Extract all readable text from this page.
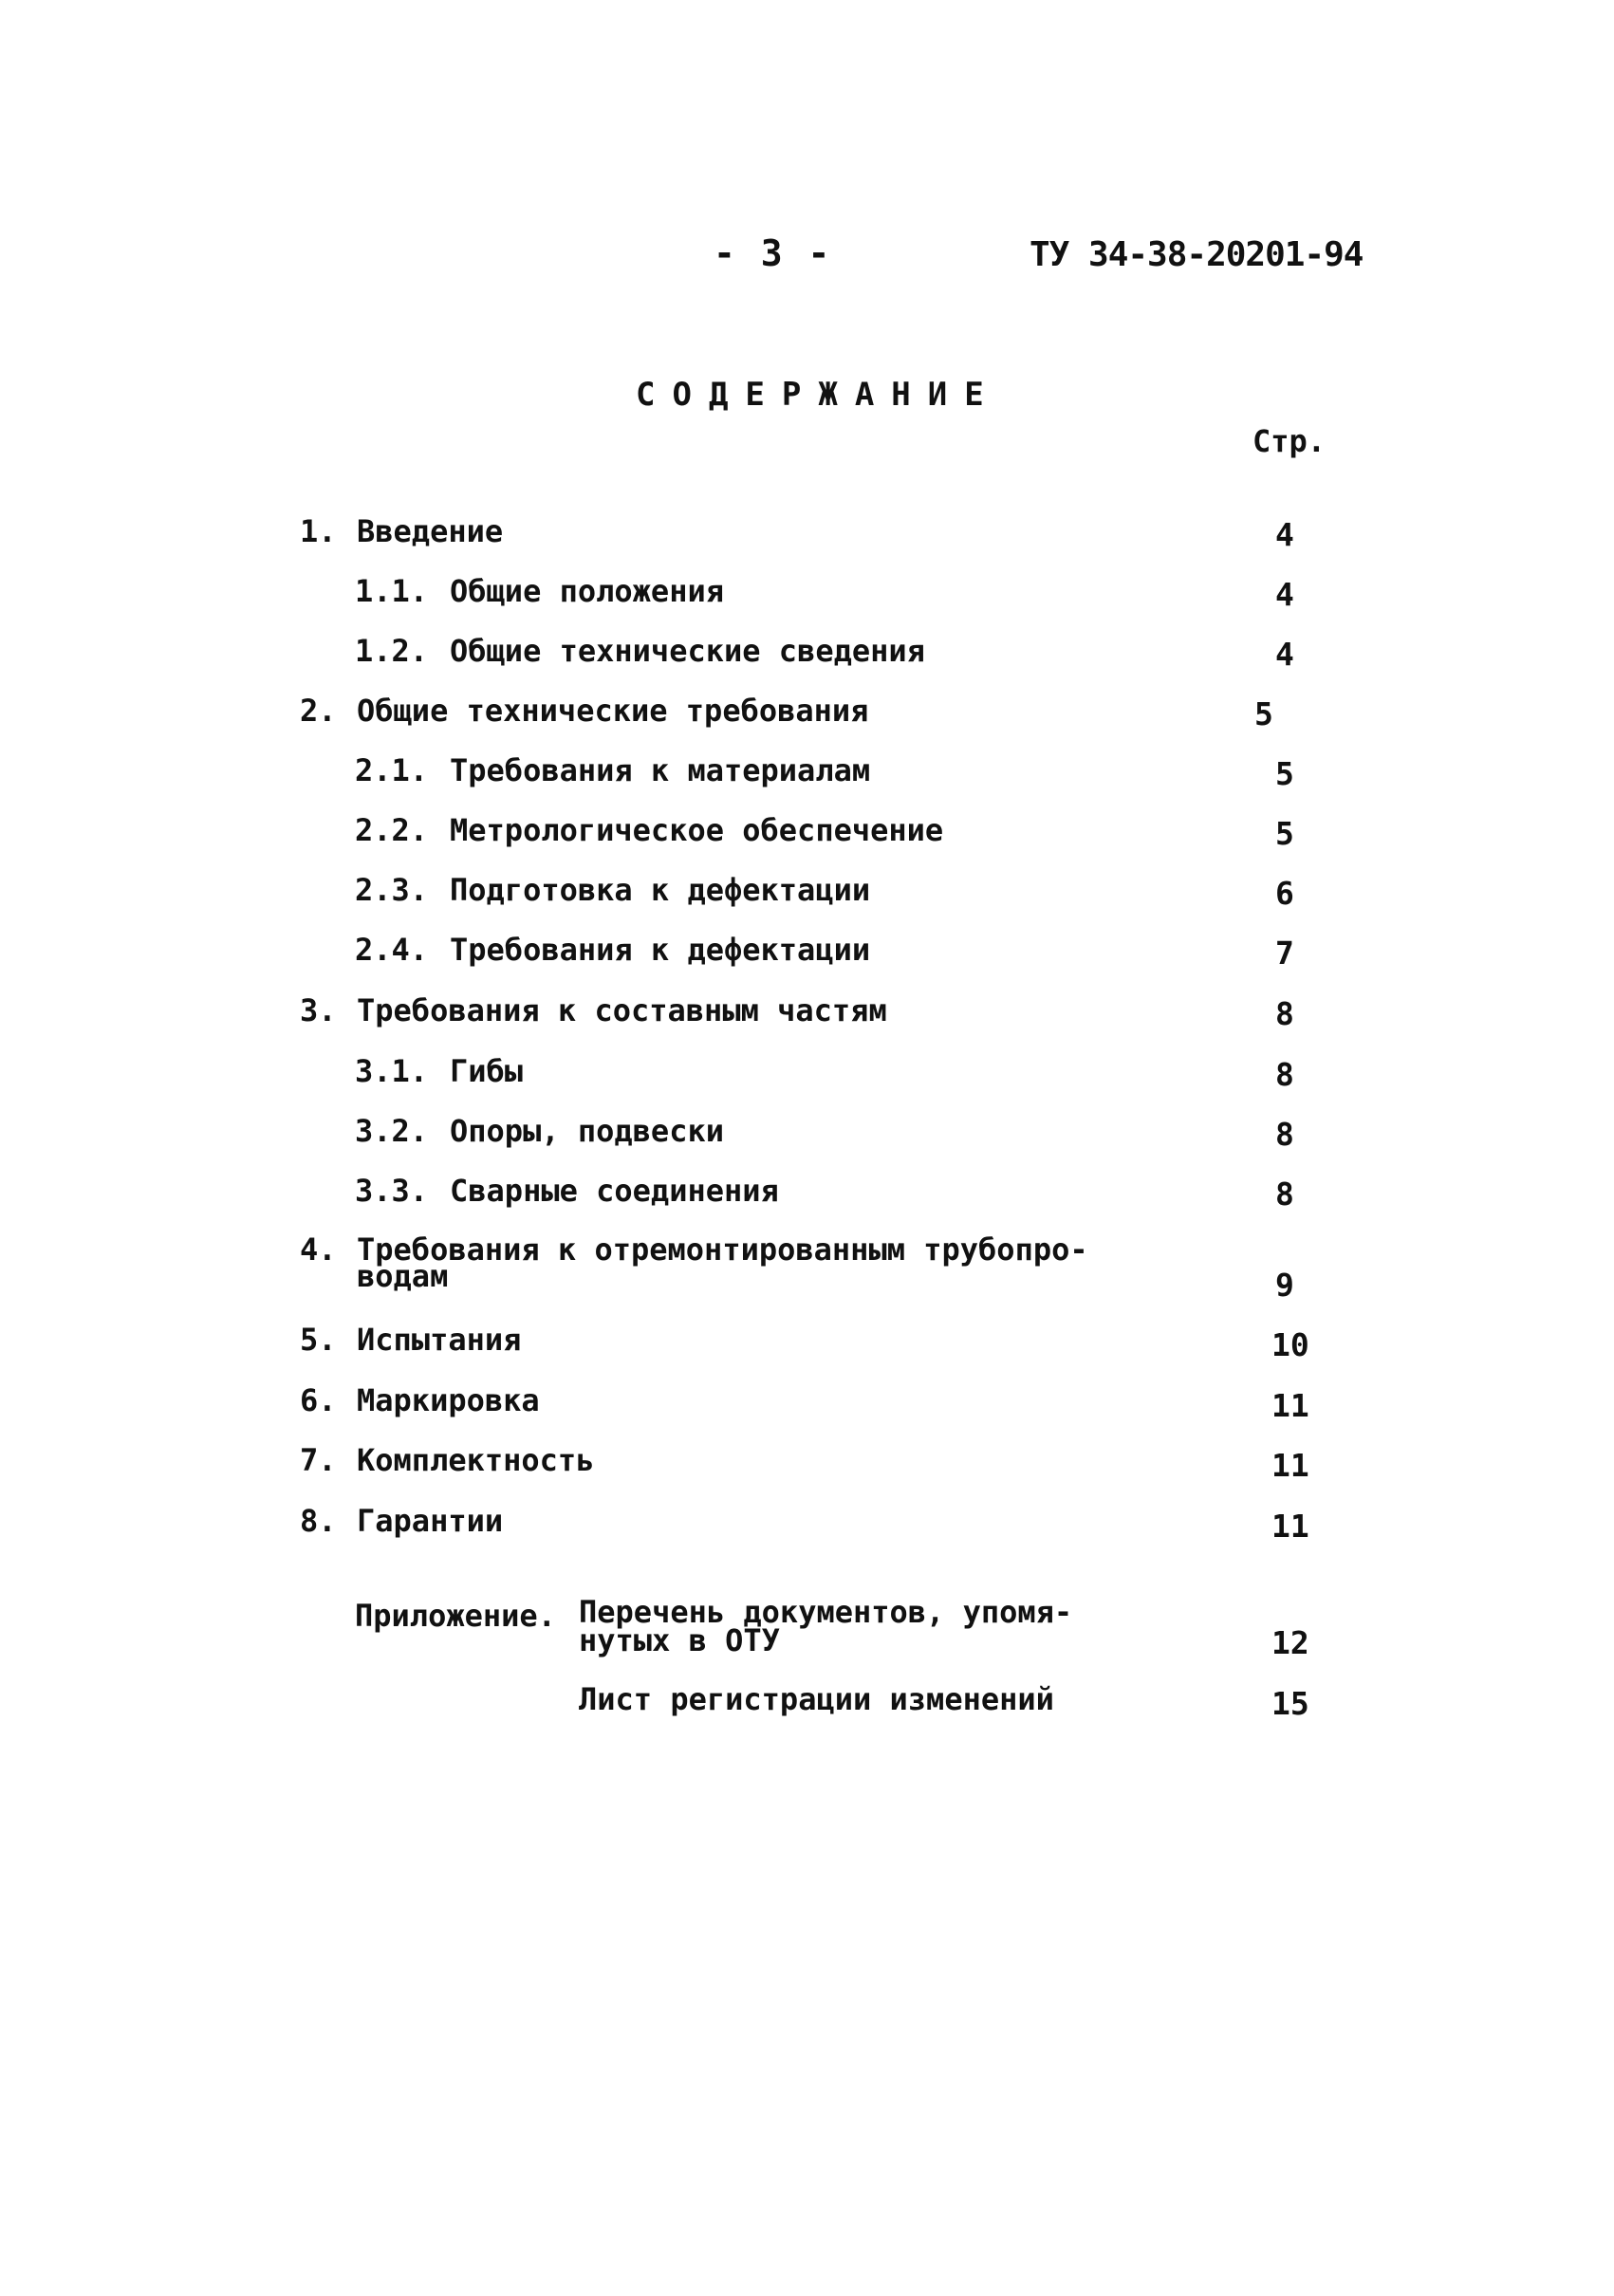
- 3 -	ТУ 34-38-20201-94
СОДЕРЖАНИЕ
Стр.
1. Введение	4
1.1. Общие положения	4
1.2. Общие технические сведения	4
2. Общие технические требования	5
2.1. Требования к материалам	5
2.2. Метрологическое обеспечение	5
2.3. Подготовка к дефектации	6
2.4. Требования к дефектации	7
3. Требования к составным частям	8
3.1. Гибы	8
3.2. Опоры, подвески	8
3.3. Сварные соединения	8
4. Требования к отремонтированным трубопро-
водам	9
5. Испытания	10
6. Маркировка	11
7. Комплектность	11
8. Гарантии	11
Приложение. Перечень документов, упомя-
нутых в ОТУ	12
Лист регистрации изменений	15
